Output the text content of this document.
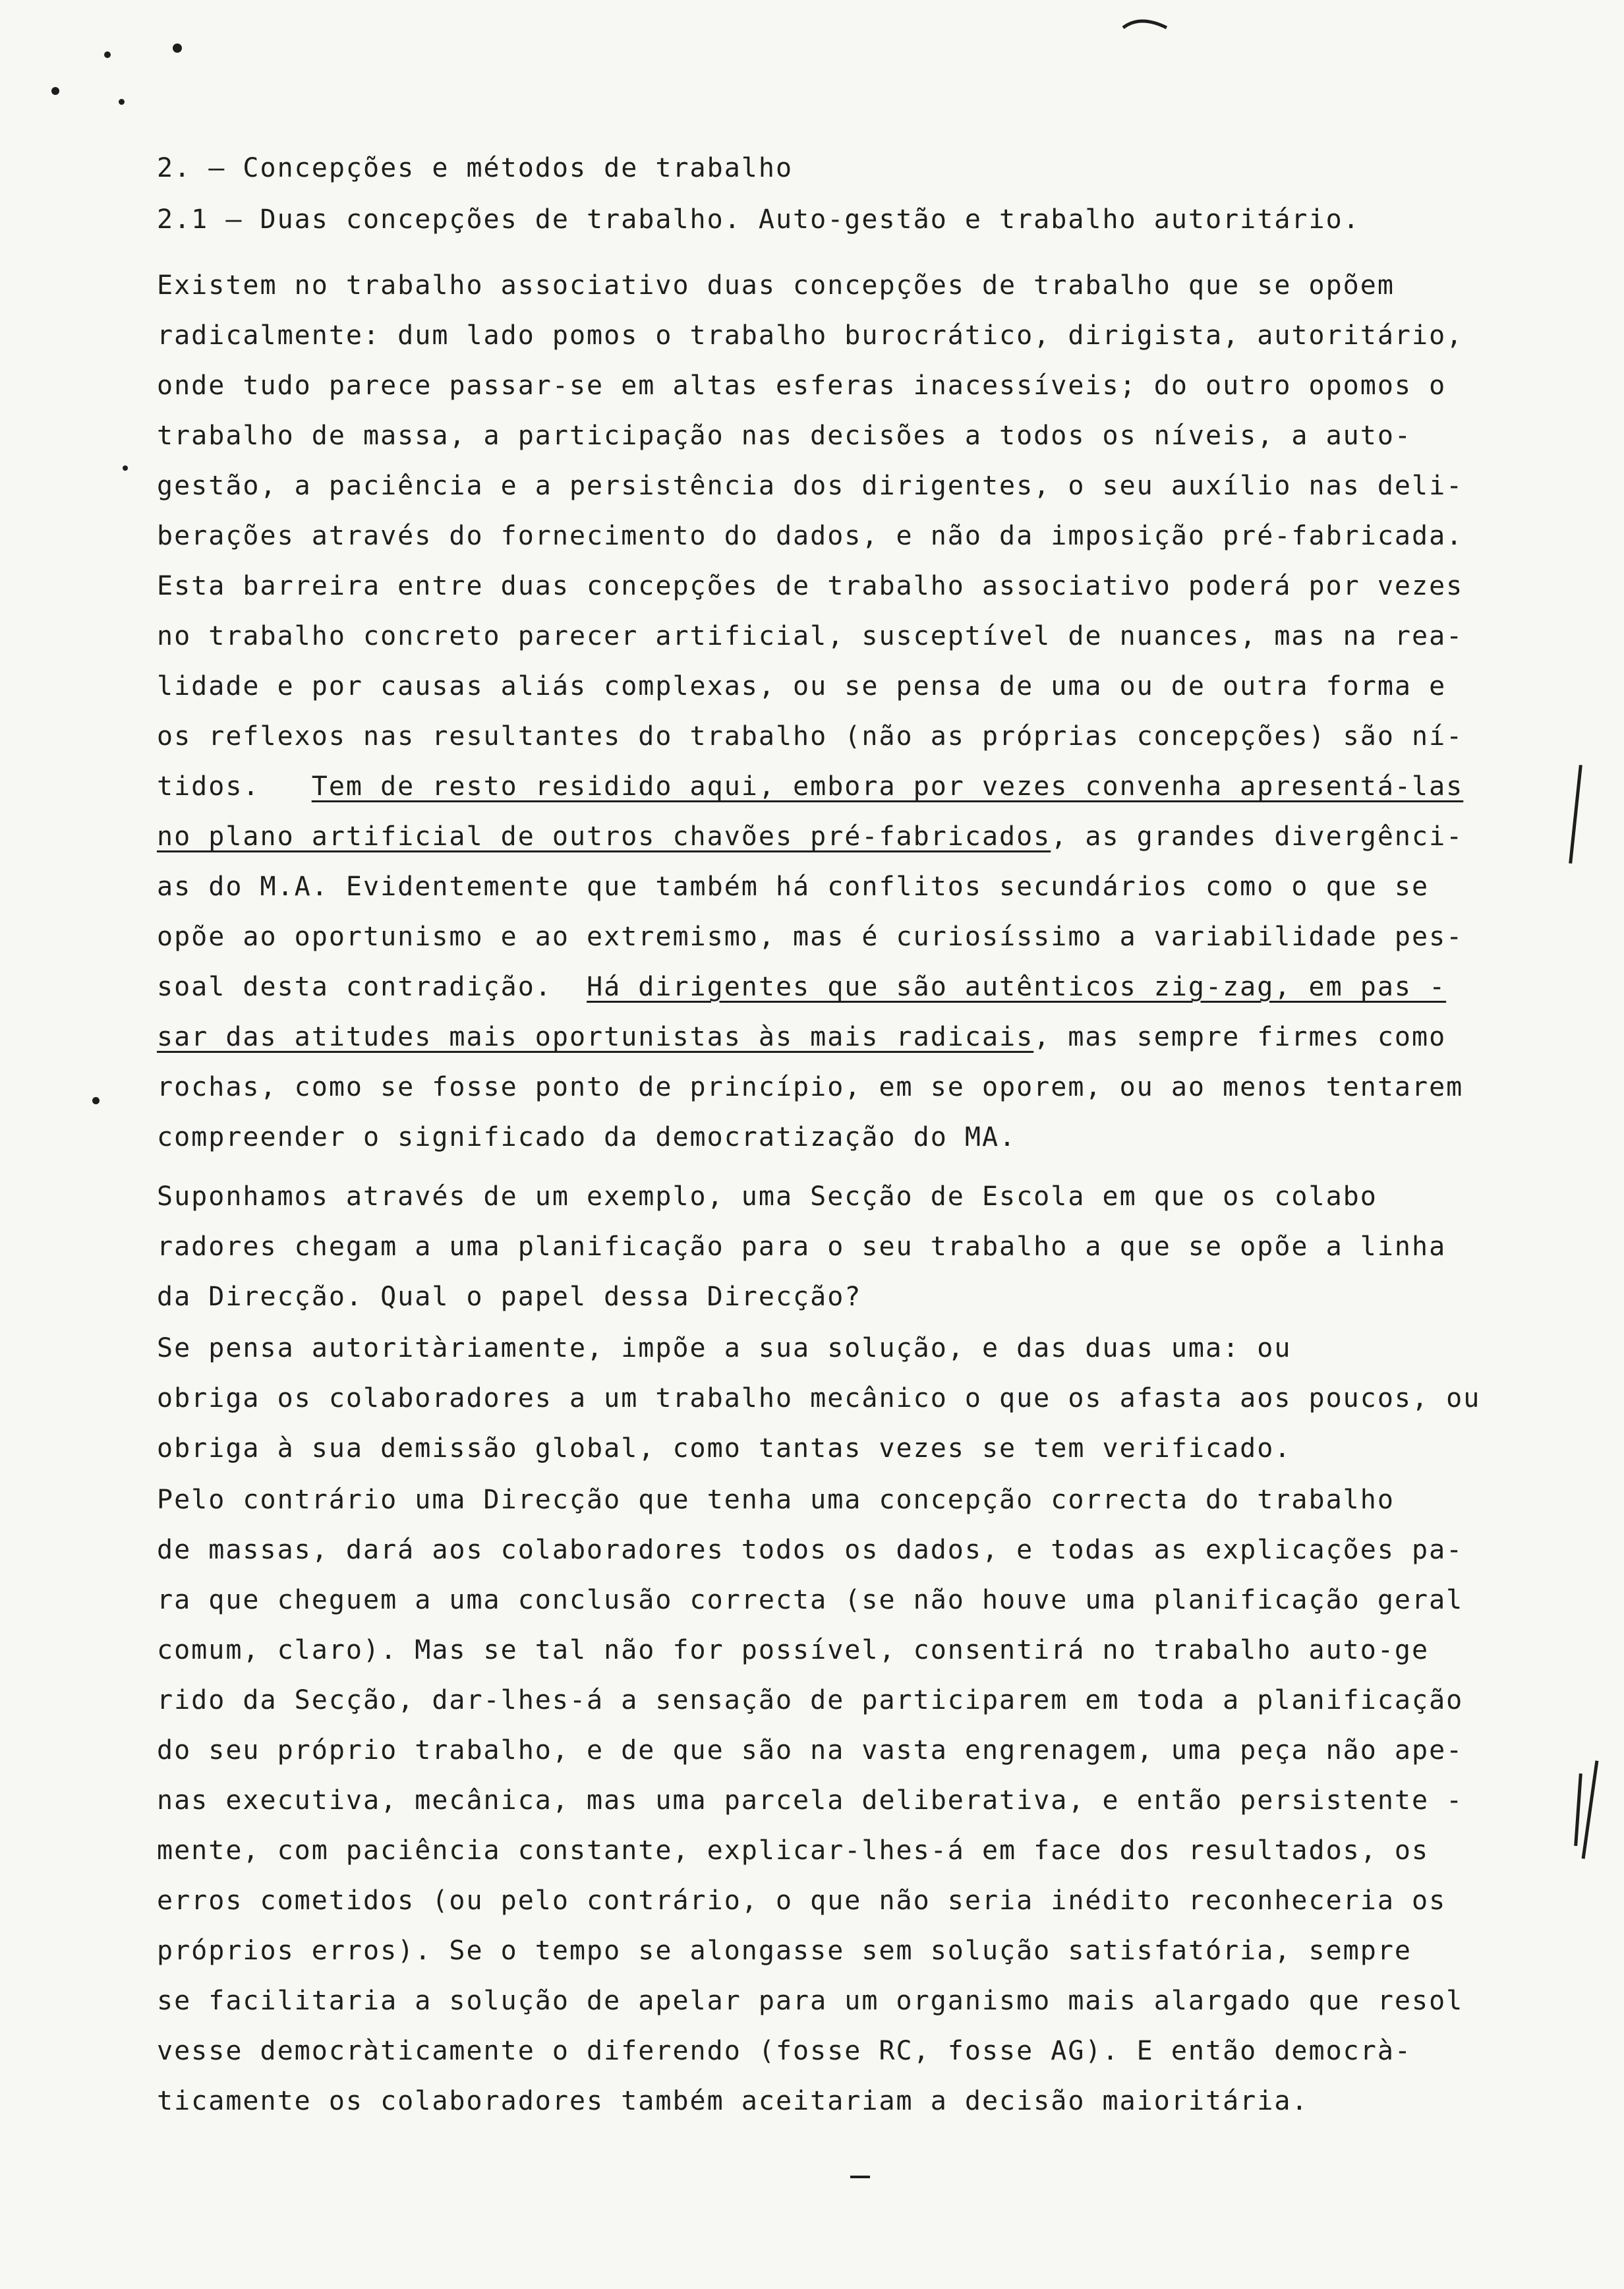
2. – Concepções e métodos de trabalho
2.1 – Duas concepções de trabalho. Auto-gestão e trabalho autoritário.
Existem no trabalho associativo duas concepções de trabalho que se opõem
radicalmente: dum lado pomos o trabalho burocrático, dirigista, autoritário,
onde tudo parece passar-se em altas esferas inacessíveis; do outro opomos o
trabalho de massa, a participação nas decisões a todos os níveis, a auto-
gestão, a paciência e a persistência dos dirigentes, o seu auxílio nas deli-
berações através do fornecimento do dados, e não da imposição pré-fabricada.
Esta barreira entre duas concepções de trabalho associativo poderá por vezes
no trabalho concreto parecer artificial, susceptível de nuances, mas na rea-
lidade e por causas aliás complexas, ou se pensa de uma ou de outra forma e
os reflexos nas resultantes do trabalho (não as próprias concepções) são ní-
tidos. Tem de resto residido aqui, embora por vezes convenha apresentá-las
no plano artificial de outros chavões pré-fabricados, as grandes divergênci-
as do M.A. Evidentemente que também há conflitos secundários como o que se
opõe ao oportunismo e ao extremismo, mas é curiosíssimo a variabilidade pes-
soal desta contradição. Há dirigentes que são autênticos zig-zag, em pas -
sar das atitudes mais oportunistas às mais radicais, mas sempre firmes como
rochas, como se fosse ponto de princípio, em se oporem, ou ao menos tentarem
compreender o significado da democratização do MA.
Suponhamos através de um exemplo, uma Secção de Escola em que os colabo
radores chegam a uma planificação para o seu trabalho a que se opõe a linha
da Direcção. Qual o papel dessa Direcção?
Se pensa autoritàriamente, impõe a sua solução, e das duas uma: ou
obriga os colaboradores a um trabalho mecânico o que os afasta aos poucos, ou
obriga à sua demissão global, como tantas vezes se tem verificado.
Pelo contrário uma Direcção que tenha uma concepção correcta do trabalho
de massas, dará aos colaboradores todos os dados, e todas as explicações pa-
ra que cheguem a uma conclusão correcta (se não houve uma planificação geral
comum, claro). Mas se tal não for possível, consentirá no trabalho auto-ge
rido da Secção, dar-lhes-á a sensação de participarem em toda a planificação
do seu próprio trabalho, e de que são na vasta engrenagem, uma peça não ape-
nas executiva, mecânica, mas uma parcela deliberativa, e então persistente -
mente, com paciência constante, explicar-lhes-á em face dos resultados, os
erros cometidos (ou pelo contrário, o que não seria inédito reconheceria os
próprios erros). Se o tempo se alongasse sem solução satisfatória, sempre
se facilitaria a solução de apelar para um organismo mais alargado que resol
vesse democràticamente o diferendo (fosse RC, fosse AG). E então democrà-
ticamente os colaboradores também aceitariam a decisão maioritária.
